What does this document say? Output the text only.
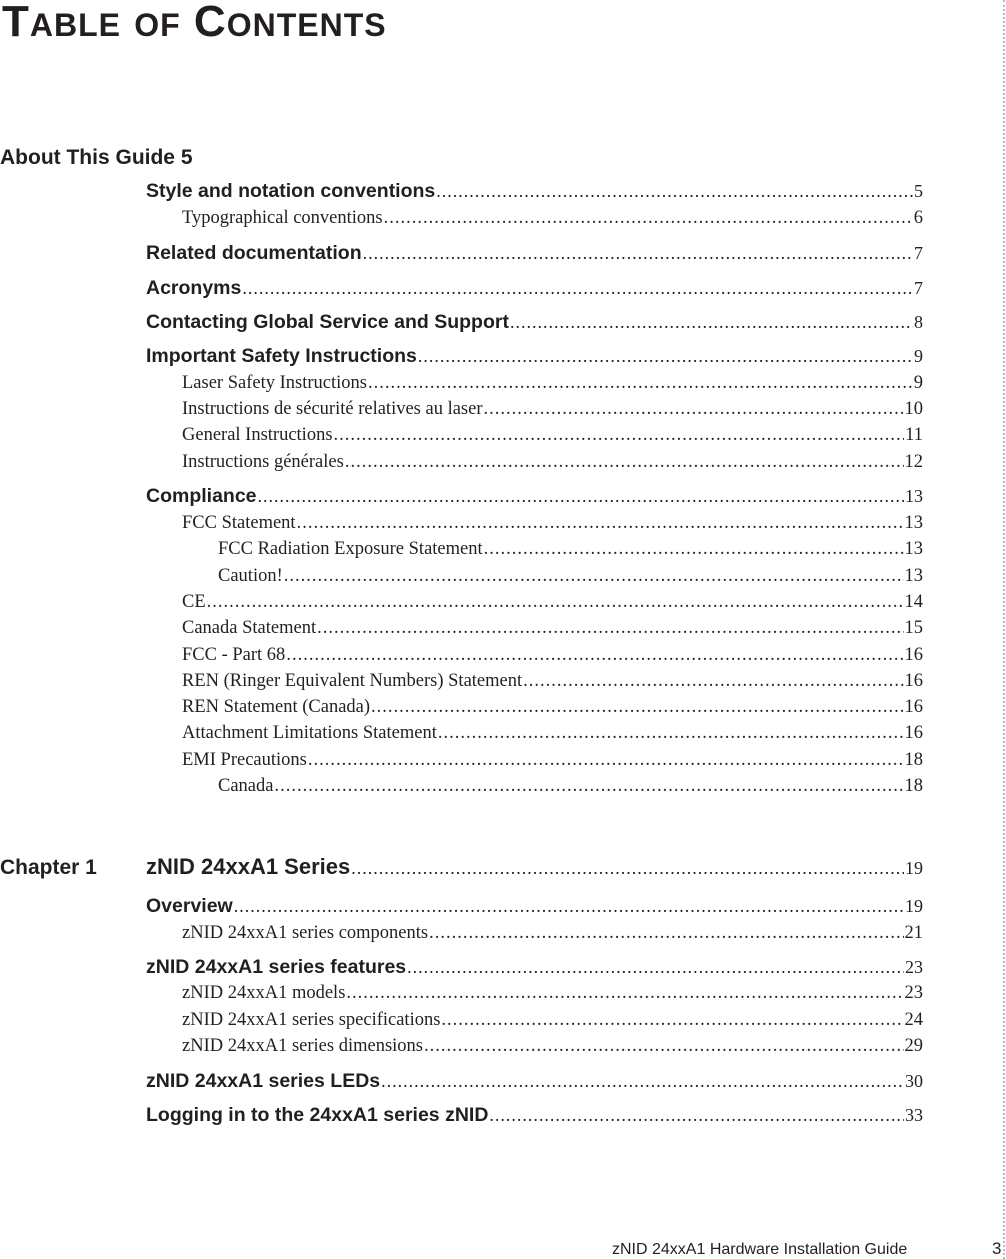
TABLE OF CONTENTS
About This Guide 5
Style and notation conventions .....	5
Typographical conventions .....	6
Related documentation .....	7
Acronyms .....	7
Contacting Global Service and Support .....	8
Important Safety Instructions .....	9
Laser Safety Instructions .....	9
Instructions de sécurité relatives au laser .....	10
General Instructions .....	11
Instructions générales .....	12
Compliance .....	13
FCC Statement .....	13
FCC Radiation Exposure Statement .....	13
Caution! .....	13
CE .....	14
Canada Statement .....	15
FCC - Part 68 .....	16
REN (Ringer Equivalent Numbers) Statement .....	16
REN Statement (Canada) .....	16
Attachment Limitations Statement .....	16
EMI Precautions .....	18
Canada .....	18
Chapter 1 zNID 24xxA1 Series .....	19
Overview .....	19
zNID 24xxA1 series components .....	21
zNID 24xxA1 series features .....	23
zNID 24xxA1 models .....	23
zNID 24xxA1 series specifications .....	24
zNID 24xxA1 series dimensions .....	29
zNID 24xxA1 series LEDs .....	30
Logging in to the 24xxA1 series zNID .....	33
zNID 24xxA1 Hardware Installation Guide	3
